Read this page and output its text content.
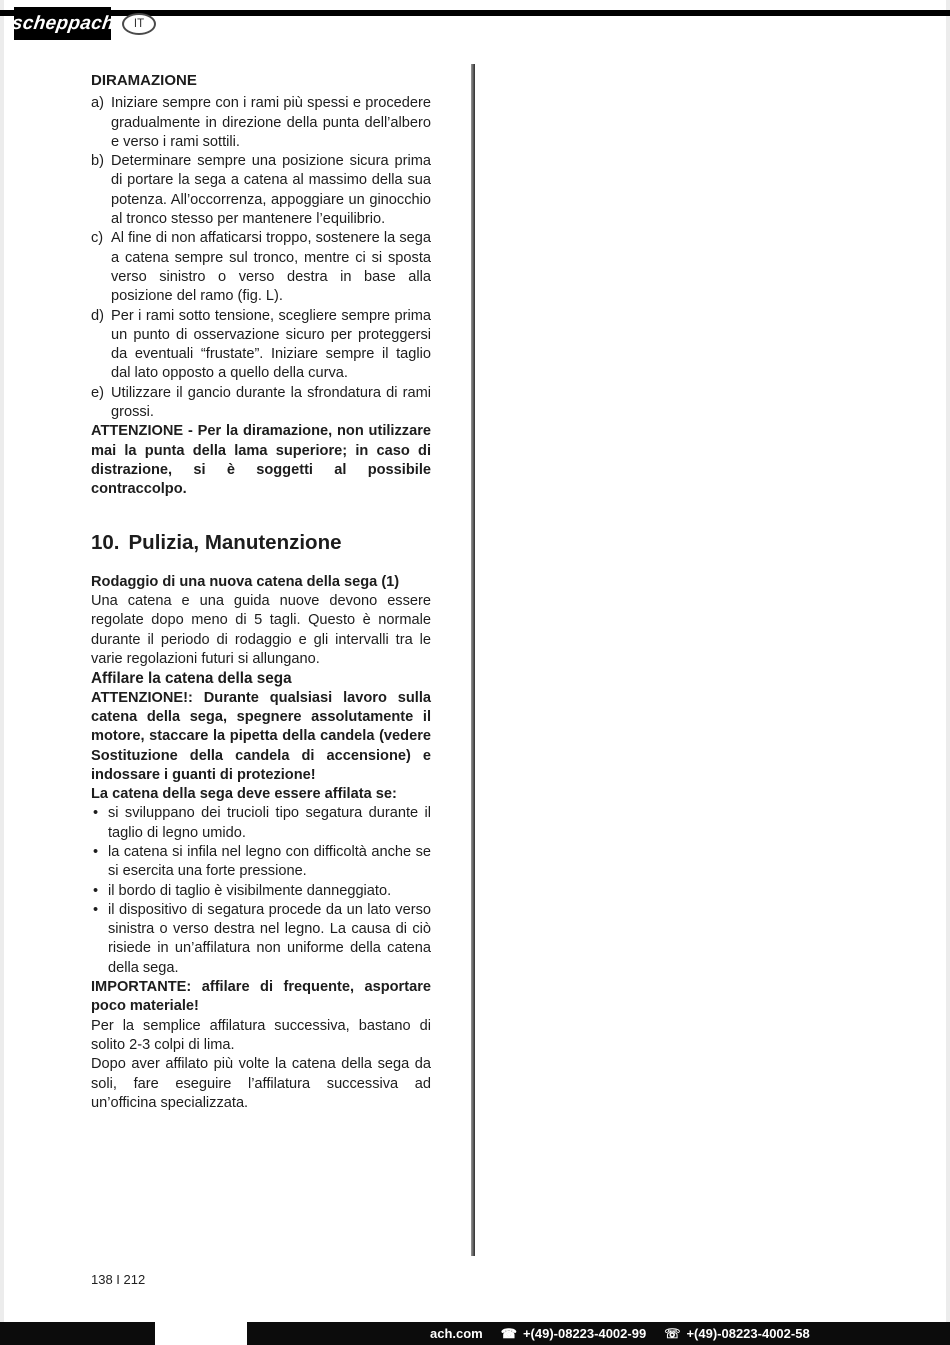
scheppach IT
DIRAMAZIONE
a) Iniziare sempre con i rami più spessi e procedere gradualmente in direzione della punta dell’albero e verso i rami sottili.
b) Determinare sempre una posizione sicura prima di portare la sega a catena al massimo della sua potenza. All’occorrenza, appoggiare un ginocchio al tronco stesso per mantenere l’equilibrio.
c) Al fine di non affaticarsi troppo, sostenere la sega a catena sempre sul tronco, mentre ci si sposta verso sinistro o verso destra in base alla posizione del ramo (fig. L).
d) Per i rami sotto tensione, scegliere sempre prima un punto di osservazione sicuro per proteggersi da eventuali “frustate”. Iniziare sempre il taglio dal lato opposto a quello della curva.
e) Utilizzare il gancio durante la sfrondatura di rami grossi.

ATTENZIONE - Per la diramazione, non utilizzare mai la punta della lama superiore; in caso di distrazione, si è soggetti al possibile contraccolpo.

10. Pulizia, Manutenzione

Rodaggio di una nuova catena della sega (1)

Una catena e una guida nuove devono essere regolate dopo meno di 5 tagli. Questo è normale durante il periodo di rodaggio e gli intervalli tra le varie regolazioni futuri si allungano.

Affilare la catena della sega

ATTENZIONE!: Durante qualsiasi lavoro sulla catena della sega, spegnere assolutamente il motore, staccare la pipetta della candela (vedere Sostituzione della candela di accensione) e indossare i guanti di protezione!

La catena della sega deve essere affilata se:

• si sviluppano dei trucioli tipo segatura durante il taglio di legno umido.
• la catena si infila nel legno con difficoltà anche se si esercita una forte pressione.
• il bordo di taglio è visibilmente danneggiato.
• il dispositivo di segatura procede da un lato verso sinistra o verso destra nel legno. La causa di ciò risiede in un’affilatura non uniforme della catena della sega.

IMPORTANTE: affilare di frequente, asportare poco materiale!

Per la semplice affilatura successiva, bastano di solito 2-3 colpi di lima.

Dopo aver affilato più volte la catena della sega da soli, fare eseguire l’affilatura successiva ad un’officina specializzata.

138 I 212
ach.com ☎ +(49)-08223-4002-99 ☏ +(49)-08223-4002-58
